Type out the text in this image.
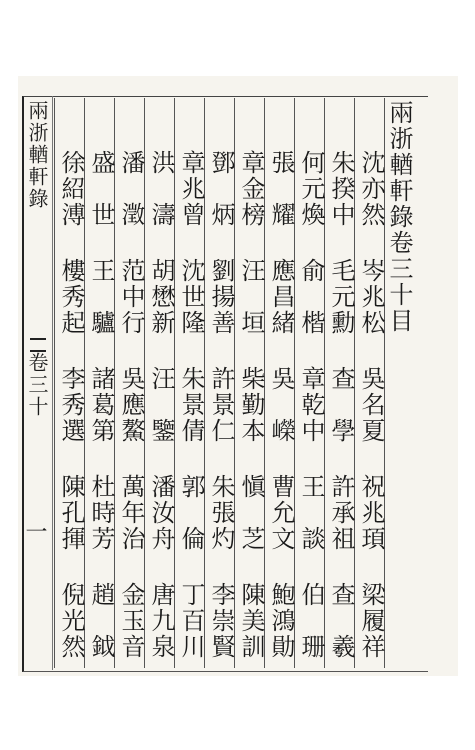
兩浙輶軒錄
卷三十
一
兩浙輶軒錄卷三十目
沈亦然
岑兆松
吳名夏
祝兆頊
梁履祥
朱揆中
毛元勳
查　學
許承祖
查　羲
何元煥
俞　楷
章乾中
王　談
伯　珊
張　耀
應昌緒
吳　嶸
曹允文
鮑鴻勛
章金榜
汪　垣
柴勤本
愼　芝
陳美訓
鄧　炳
劉揚善
許景仁
朱張灼
李崇賢
章兆曾
沈世隆
朱景倩
郭　倫
丁百川
洪　濤
胡懋新
汪　鑒
潘汝舟
唐九泉
潘　澂
范中行
吳應鰲
萬年治
金玉音
盛　世
王　驢
諸葛第
杜時芳
趙　鉞
徐紹溥
樓秀起
李秀選
陳孔揮
倪光然
